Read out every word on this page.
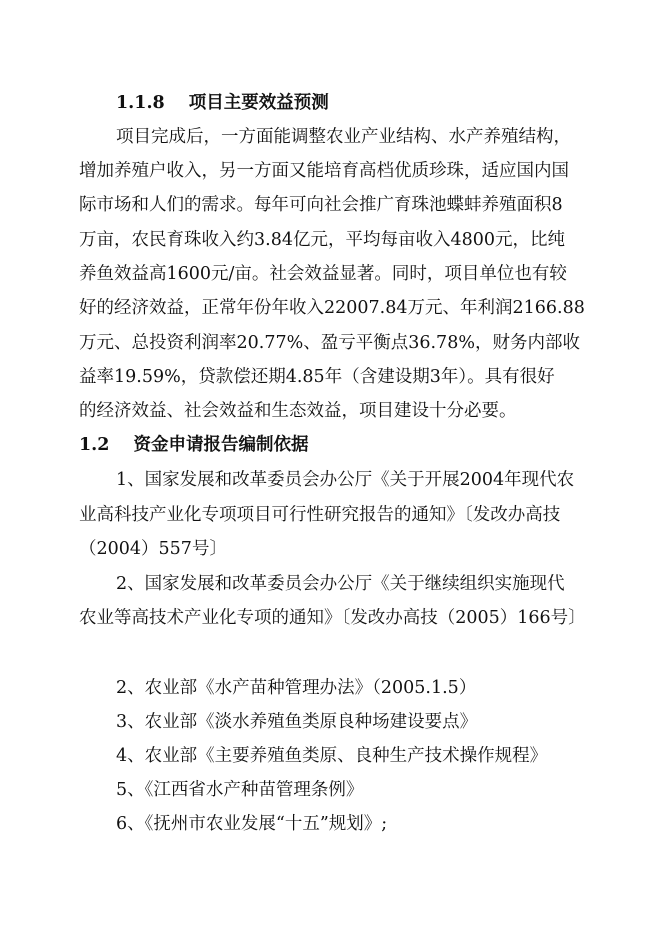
1.1.8 项目主要效益预测
项目完成后，一方面能调整农业产业结构、水产养殖结构，
增加养殖户收入，另一方面又能培育高档优质珍珠，适应国内国
际市场和人们的需求。每年可向社会推广育珠池蝶蚌养殖面积8
万亩，农民育珠收入约3.84亿元，平均每亩收入4800元，比纯
养鱼效益高1600元/亩。社会效益显著。同时，项目单位也有较
好的经济效益，正常年份年收入22007.84万元、年利润2166.88
万元、总投资利润率20.77%、盈亏平衡点36.78%，财务内部收
益率19.59%，贷款偿还期4.85年（含建设期3年）。具有很好
的经济效益、社会效益和生态效益，项目建设十分必要。
1.2 资金申请报告编制依据
1、国家发展和改革委员会办公厅《关于开展2004年现代农
业高科技产业化专项项目可行性研究报告的通知》〔发改办高技
（2004）557号〕
2、国家发展和改革委员会办公厅《关于继续组织实施现代
农业等高技术产业化专项的通知》〔发改办高技（2005）166号〕
2、农业部《水产苗种管理办法》（2005.1.5）
3、农业部《淡水养殖鱼类原良种场建设要点》
4、农业部《主要养殖鱼类原、良种生产技术操作规程》
5、《江西省水产种苗管理条例》
6、《抚州市农业发展“十五”规划》;
